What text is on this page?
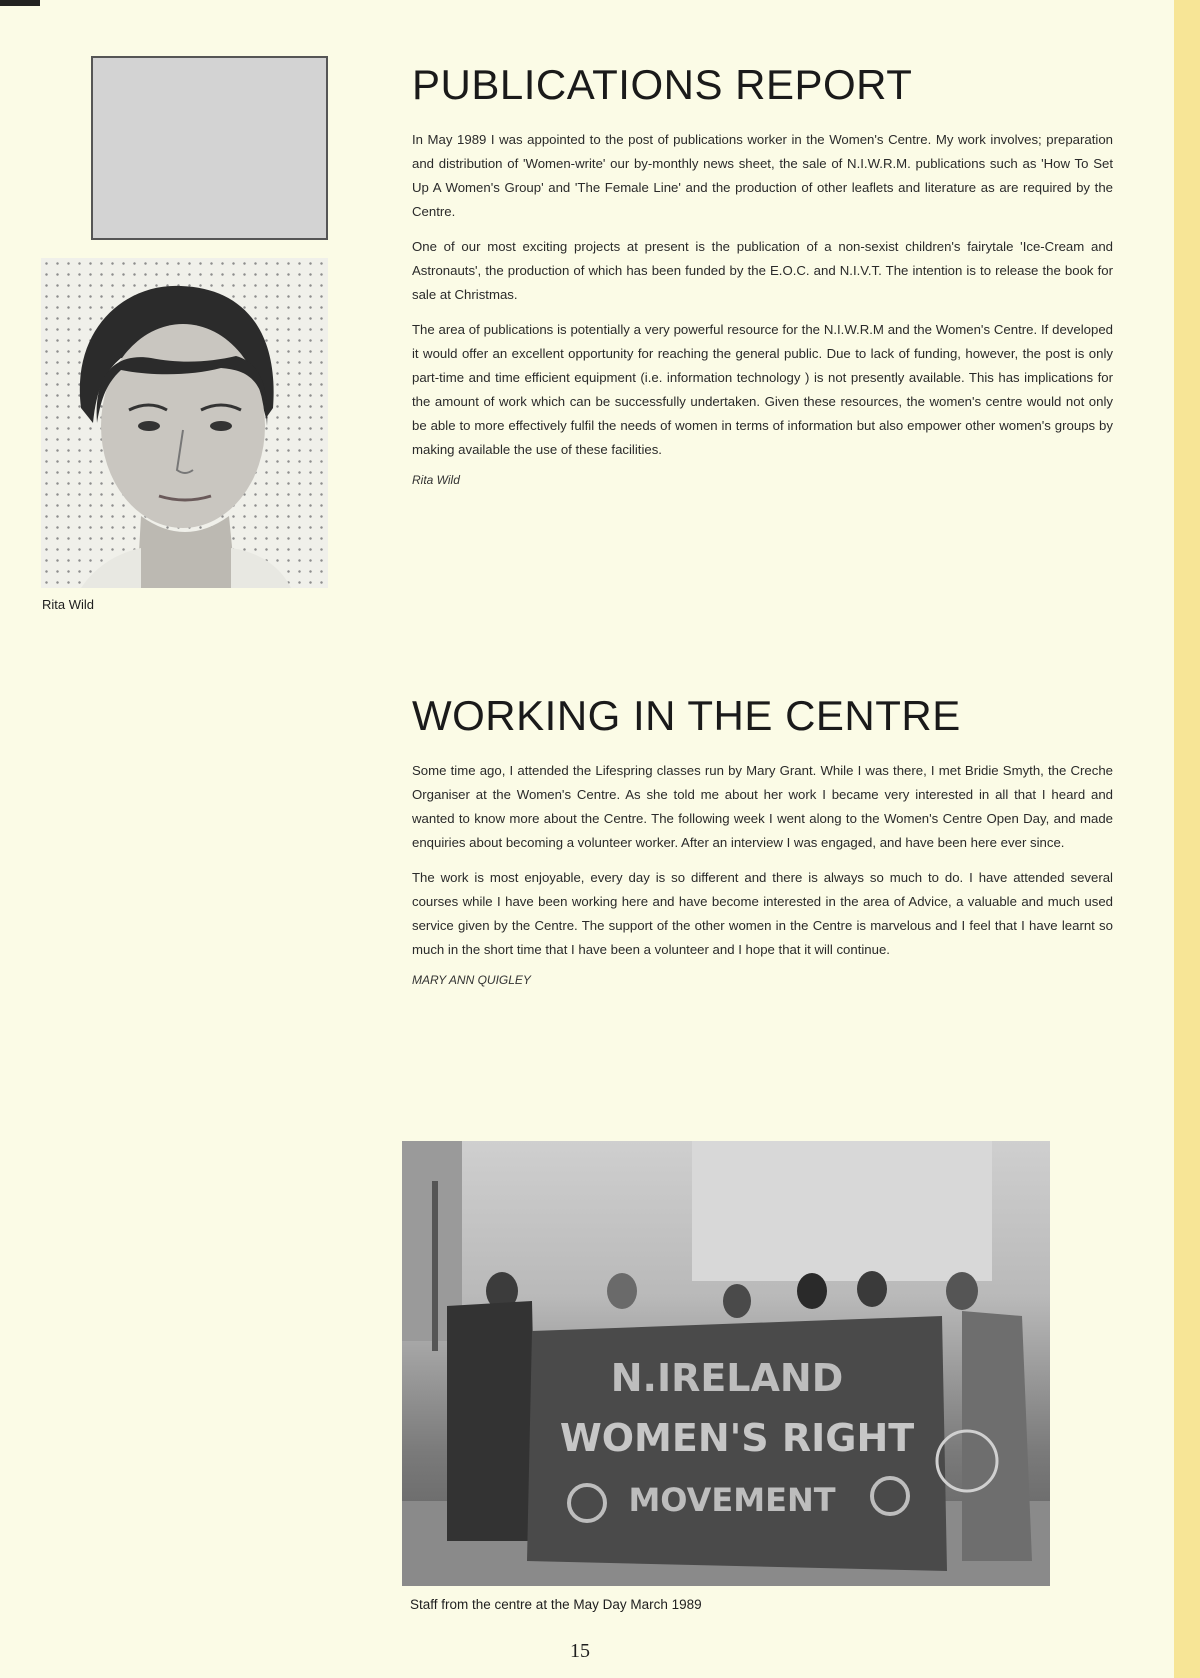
Rita Wild

PUBLICATIONS REPORT

In May 1989 I was appointed to the post of publications worker in the Women's Centre. My work involves; preparation and distribution of 'Women-write' our by-monthly news sheet, the sale of N.I.W.R.M. publications such as 'How To Set Up A Women's Group' and 'The Female Line' and the production of other leaflets and literature as are required by the Centre.

One of our most exciting projects at present is the publication of a non-sexist children's fairytale 'Ice-Cream and Astronauts', the production of which has been funded by the E.O.C. and N.I.V.T. The intention is to release the book for sale at Christmas.

The area of publications is potentially a very powerful resource for the N.I.W.R.M and the Women's Centre. If developed it would offer an excellent opportunity for reaching the general public. Due to lack of funding, however, the post is only part-time and time efficient equipment (i.e. information technology ) is not presently available. This has implications for the amount of work which can be successfully undertaken. Given these resources, the women's centre would not only be able to more effectively fulfil the needs of women in terms of information but also empower other women's groups by making available the use of these facilities.

Rita Wild

WORKING IN THE CENTRE

Some time ago, I attended the Lifespring classes run by Mary Grant. While I was there, I met Bridie Smyth, the Creche Organiser at the Women's Centre. As she told me about her work I became very interested in all that I heard and wanted to know more about the Centre. The following week I went along to the Women's Centre Open Day, and made enquiries about becoming a volunteer worker. After an interview I was engaged, and have been here ever since.

The work is most enjoyable, every day is so different and there is always so much to do. I have attended several courses while I have been working here and have become interested in the area of Advice, a valuable and much used service given by the Centre. The support of the other women in the Centre is marvelous and I feel that I have learnt so much in the short time that I have been a volunteer and I hope that it will continue.

MARY ANN QUIGLEY

N.IRELAND
WOMEN'S RIGHT
MOVEMENT

Staff from the centre at the May Day March 1989

15
